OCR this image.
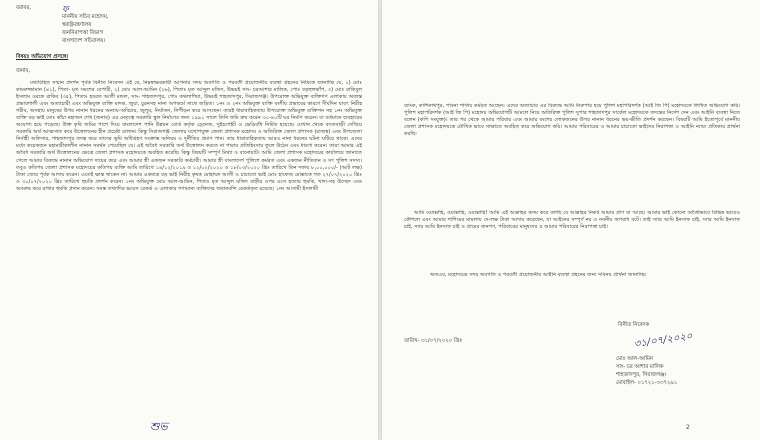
বরাবর,	ফ
মাননীয় সচিব মহোদয়,
স্বরাষ্ট্রমন্ত্রণালয়
জননিরাপত্তা বিভাগ
বাংলাদেশ সচিবালয়।
বিষয়ঃ অভিযোগ প্রসঙ্গে।
জনাব,
যথাবিহিত সম্মান প্রদর্শন পূর্বক বিনীত নিবেদন এই যে, নিম্নস্বাক্ষরকারী আপনার সদয় অবগতি ও পরবর্তী প্রয়োজনীয় ব্যবস্থা গ্রহনের নিমিত্তে জানাচ্ছি যে, ১) মোঃ কামরুজ্জামান (৪১), পিতা- মৃত সমশের বেপারী, ২) মোঃ আল-আমিন (২৬), পিতাঃ মৃত আব্দুল মজিদ, উভয়ই সাং- চরআশার মালিক, পোঃ বড়হুলঝাঁপ, ৩) মোঃ রাকিবুল ইসলাম ওরফে রাকিব (৩৫), পিতাঃ হযরত আলী মন্ডল, সাং- শাহজাদপুর, পোঃ কথলাশিয়া, উভয়ই শাহজাদপুর, সিরাজগঞ্জ। উপরোক্ত অভিযুক্ত ব্যক্তিগণ এলাকায় অত্যন্ত প্রভাবশালী এবং অত্যাচারী এবং অভিযুক্ত ব্যক্তি মাদক, জুয়া, চুরনসহ নানা অপকর্মে সাথে জড়িত। ১নং ও ২নং অভিযুক্ত ব্যক্তি বংশীয় প্রভাবের কারণে দীর্ঘদিন যাবৎ নিরীহ গরীব, অসহায় মানুষের উপর নানান ধরনের অন্যায়-অবিচার, জুলুম, নির্যাতন, নিপীড়ন করে আসছেন। তারই ধারাবাহিকতায় উপরোক্ত অভিযুক্ত ব্যক্তিগন সহ ১নং অভিযুক্ত ব্যক্তি বড় ভাই মোঃ কাঁচা মহাজন শেখ (জনাব) এর নেতৃত্বে সরকারি স্কুল নির্মাণের জন্য ১৯৯১ সালে তিনি জমি ক্রয় করেন ৩০-৪০টি ঘর নির্মাণ করেন। যা বর্তমানে ব্যবহারের অযোগ্য হয়ে পড়েছে। উক্ত কৃষি জমির পাশে দিয়ে বাংলাদেশ পানি উন্নয়ন বোর্ড কর্তৃক ড্রেনেজ, সুইচগেইট ও ভেড়িবাঁধ নির্মিত হয়েছে। যেখান থেকে বসতবাড়ী দেখিয়ে সরকারি অর্থ আত্মসাত করে উত্তোলনের হীন প্রচেষ্টা চালান। কিন্তু সিরাজগঞ্জ জেলার যথোপযুক্ত জেলা প্রশাসক মহোদয় ও অতিরিক্ত জেলা প্রশাসক (রাজস্ব) এবং উপজেলা নির্বাহী অফিসার, শাহজাদপুর তদন্ত করে তাদের ভূমি অধিগ্রহণ সংক্রান্ত অনিয়ম ও দুর্নীতির প্রমাণ পান। তার ধারাবাহিকতায় আরও নানা ধরনের ঘটনা ঘটিয়ে থাকে। এদের মধ্যে কয়েকজন মহামারীকালীন নানান সমর্থন পেয়েছিল যে। এই অবৈধ সরকারি অর্থ উত্তোলন করতে না পারায় প্রতিহিংসায় ফুলে উঠেন এবং ধারণা করেন। তারা আমার এই অবৈধ সরকারি অর্থ উত্তোলনের ক্ষেত্রে জেলা প্রশাসক মহোদয়কে অবহিত করেছি। কিন্তু বিষয়টি সম্পূর্ণ মিথ্যা ও বানোয়াট। আমি জেলা প্রশাসক মহোদয়ের কার্যালয়ে জানাতে গেলে আমার বিরুদ্ধে নানান অভিযোগ দায়ের করে এবং আমার স্ত্রী একজন সরকারি কর্মচারী। আমার স্ত্রী বাংলাদেশ পুলিশে কর্মরত এবং একজন নীতিবান ও সৎ পুলিশ সদস্য। তবুও কতিপয় জেলা প্রশাসক মহোদয়ের কতিপয় ব্যক্তি আমি তারিখে ১৪/১২/২০১৯ ও ১২/০২/২০২০ ও ১৮/০৩/২০২০ খ্রিঃ তারিখে তিন দফায় ৮,০০,০০০/- (আট লক্ষ) টাকা জোর পূর্বক আদায় করেন। এতেই ক্ষান্ত থাকেন না। আমার একমাত্র বড় ভাই নিরীহ কৃষক মোহাম্মদ আলী ও চাচাতো ভাই মোঃ হাফেজ মোল্লাকে গত ২৭/০৭/২০২০ খ্রিঃ ও ৩০/০৭/২০২০ খ্রিঃ তারিখে হুমকি প্রদর্শন করেন। ১নং অভিযুক্ত মোঃ আল-আমিন, পিতাঃ মৃত আব্দুল মজিদ বাড়ীর ওপর এসে হত্যার হুমকি, খাদ্য-সহ উচ্ছেদ এবং অবরুদ্ধ করে রাখার হুমকি প্রদান করেন। সমস্ত তথ্যাদির ভয়েস রেকর্ড এ এলাকার গণ্যমান্য ব্যক্তিদের জবানবন্দি রেকর্ডকৃত রয়েছে। ১নং আসামী ইসলামী
শুভ
ব্যাংক, কাশিনাথপুর, পাবনা শাখায় কর্মরত আছেন। এদের অত্যাচার এর বিরুদ্ধে আমি নিরুপায় হয়ে পুলিশ মহাপরিদর্শক (আই জি পি) মহোদয়কে লিখিত অভিযোগ করি। পুলিশ মহাপরিদর্শক (আই জি পি) মহোদয় অভিযোগটি আমলে নিয়ে অতিরিক্ত পুলিশ সুপার শাহজাদপুর সার্কেল মহোদয়কে তদন্তের নির্দেশ দেন এবং আইনি ব্যবস্থা নিতে বলেন (কপি সংযুক্ত)। তার পর থেকে আমার পরিবার এবং আমার বংশের লোকজনের উপর নানান ধরনের ভয়-ভীতি প্রদর্শন করছেন। বিষয়টি আমি ইতোপূর্বে মাননীয় জেলা প্রশাসক মহোদয়কে মৌখিক ভাবে সাক্ষাতে অবহিত করে অভিযোগ করি। আমার পরিবারের ও আমার চাচাতো ভাইদের নিরাপত্তা ও আইনি ন্যায্য প্রতিকার প্রার্থনা করছি।
আমি ওয়াল্লাহি, ওয়াল্লাহি, ওয়াল্লাহি! আমি এই আল্লাহর কসম করে বলছি যে আল্লাহর নিকট আমার প্রাণ যা আছে। আমার ভাই কোনো অবৈধভাবে বিভিন্ন ভাবেও কৌশলে এবং আমার শাশিমের মামলায় দে-লক্ষ টাকা আদায় করেছেন, যা আইনের সম্পূর্ণ নর ও নবনীয় অপরাধ বটে। তাই স্যার আমি ইনসাফ চাই, স্যার আমি ইনসাফ চাই, স্যার আমি ইনসাফ চাই ও গ্রামের জনগণ, পরিবারের মানুষদের ও আমার পরিবারের নিরাপত্তা চাই।
অতএব, মহোদয়ের সদয় অবগতি ও পরবর্তী প্রয়োজনীয় আইনি ব্যবস্থা গ্রহনের জন্য সবিনয় প্রার্থনা জানাচ্ছি।
তারিখ- ৩১/০৭/২০২০ খ্রিঃ
বিনীত নিবেদক
৩১/০৭/২০২০
মোঃ আল-আমিন
সাং- চর আশার মালিক
শাহজাদপুর, সিরাজগঞ্জ।
মোবাইল- ০১৭২১-৩৩৭২৯১
2
